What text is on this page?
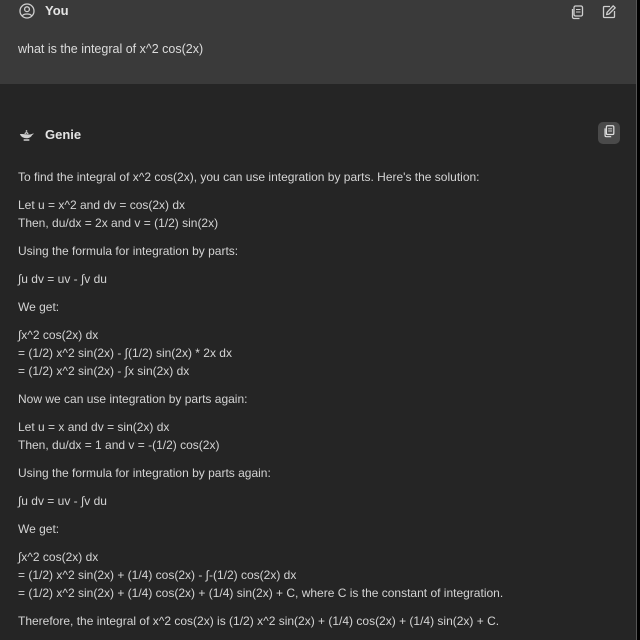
You
what is the integral of x^2 cos(2x)
Genie

To find the integral of x^2 cos(2x), you can use integration by parts. Here's the solution:

Let u = x^2 and dv = cos(2x) dx
Then, du/dx = 2x and v = (1/2) sin(2x)

Using the formula for integration by parts:

∫u dv = uv - ∫v du

We get:

∫x^2 cos(2x) dx
= (1/2) x^2 sin(2x) - ∫(1/2) sin(2x) * 2x dx
= (1/2) x^2 sin(2x) - ∫x sin(2x) dx

Now we can use integration by parts again:

Let u = x and dv = sin(2x) dx
Then, du/dx = 1 and v = -(1/2) cos(2x)

Using the formula for integration by parts again:

∫u dv = uv - ∫v du

We get:

∫x^2 cos(2x) dx
= (1/2) x^2 sin(2x) + (1/4) cos(2x) - ∫-(1/2) cos(2x) dx
= (1/2) x^2 sin(2x) + (1/4) cos(2x) + (1/4) sin(2x) + C, where C is the constant of integration.

Therefore, the integral of x^2 cos(2x) is (1/2) x^2 sin(2x) + (1/4) cos(2x) + (1/4) sin(2x) + C.
